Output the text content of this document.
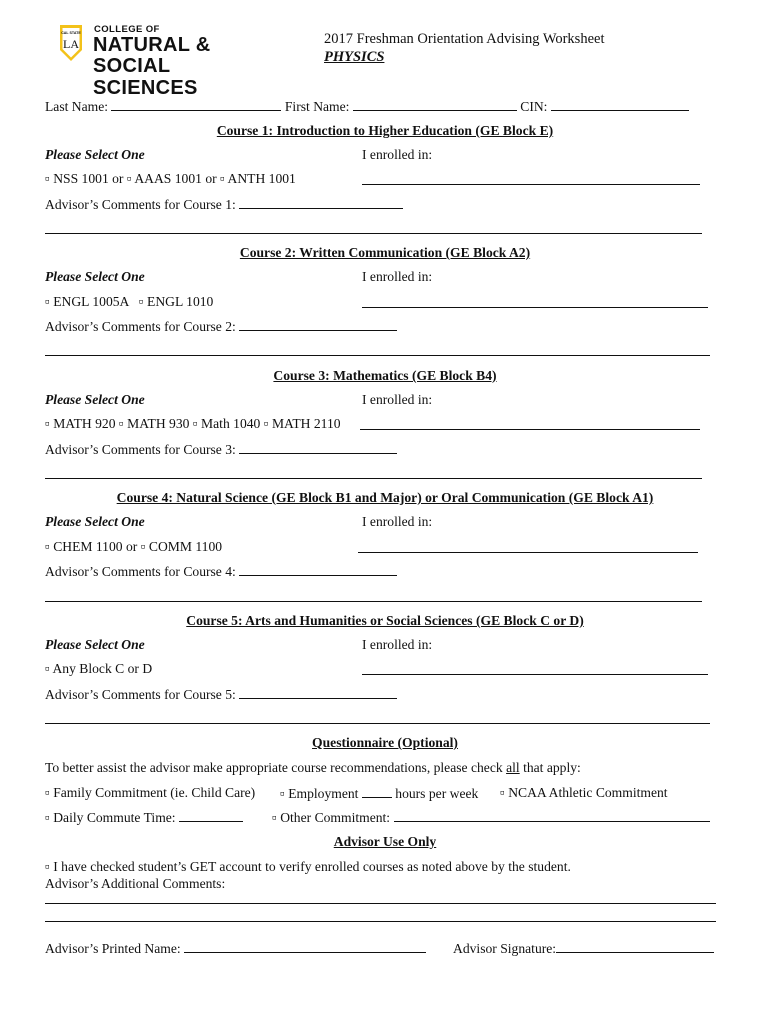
CAL STATE
LA
COLLEGE OF
NATURAL &
SOCIAL SCIENCES
2017 Freshman Orientation Advising Worksheet
PHYSICS
Last Name:	First Name:	CIN:
Course 1: Introduction to Higher Education (GE Block E)
Please Select One	I enrolled in:
▫ NSS 1001 or ▫ AAAS 1001 or ▫ ANTH 1001
Advisor’s Comments for Course 1:
Course 2: Written Communication (GE Block A2)
Please Select One	I enrolled in:
▫ ENGL 1005A   ▫ ENGL 1010
Advisor’s Comments for Course 2:
Course 3: Mathematics (GE Block B4)
Please Select One	I enrolled in:
▫ MATH 920 ▫ MATH 930 ▫ Math 1040 ▫ MATH 2110
Advisor’s Comments for Course 3:
Course 4: Natural Science (GE Block B1 and Major) or Oral Communication (GE Block A1)
Please Select One	I enrolled in:
▫ CHEM 1100 or ▫ COMM 1100
Advisor’s Comments for Course 4:
Course 5: Arts and Humanities or Social Sciences (GE Block C or D)
Please Select One	I enrolled in:
▫ Any Block C or D
Advisor’s Comments for Course 5:
Questionnaire (Optional)
To better assist the advisor make appropriate course recommendations, please check all that apply:
▫ Family Commitment (ie. Child Care) ▫ Employment	hours per week ▫ NCAA Athletic Commitment
▫ Daily Commute Time:	▫ Other Commitment:
Advisor Use Only
▫ I have checked student’s GET account to verify enrolled courses as noted above by the student.
Advisor’s Additional Comments:
Advisor’s Printed Name:	Advisor Signature:
